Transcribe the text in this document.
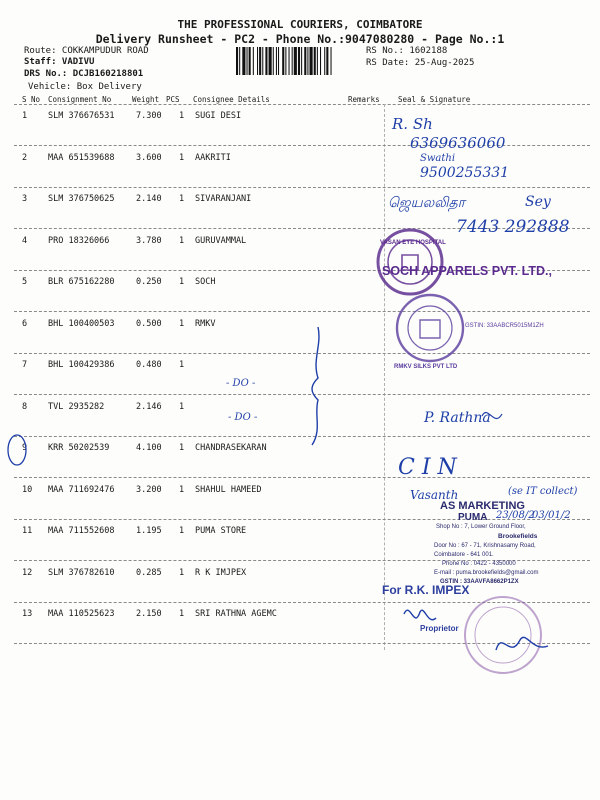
THE PROFESSIONAL COURIERS, COIMBATORE
Delivery Runsheet - PC2 - Phone No.:9047080280 - Page No.:1
Route: COKKAMPUDUR ROAD
Staff: VADIVU
DRS No.: DCJB160218801
Vehicle: Box Delivery
RS No.: 1602188
RS Date: 25-Aug-2025
S No Consignment No	Weight PCS Consignee Details	Remarks Seal & Signature
1 SLM 376676531	7.300 1 SUGI DESI
2 MAA 651539688	3.600 1 AAKRITI
3 SLM 376750625	2.140 1 SIVARANJANI
4 PRO 18326066	3.780 1 GURUVAMMAL
5 BLR 675162280	0.250 1 SOCH
6 BHL 100400503	0.500 1 RMKV
7 BHL 100429386	0.480 1
8 TVL 2935282	2.146 1
9 KRR 50202539	4.100 1 CHANDRASEKARAN
10 MAA 711692476	3.200 1 SHAHUL HAMEED
11 MAA 711552608	1.195 1 PUMA STORE
12 SLM 376782610	0.285 1 R K IMJPEX
13 MAA 110525623	2.150 1 SRI RATHNA AGEMC
R. Sh
6369636060
Swathi
9500255331
ஜெயலலிதா	Sey
7443 292888
SOCH APPARELS PVT. LTD.,
VASAN EYE HOSPITAL
RMKV SILKS PVT LTD
GSTIN: 33AABCR5015M1ZH
- DO -
- DO -	P. Rathna
C I N
Vasanth	(se IT collect)
23/08/2
03/01/2
AS MARKETING
PUMA
Shop No : 7, Lower Ground Floor,
Brookefields
Door No : 67 - 71, Krishnasamy Road,
Coimbatore - 641 001.
Phone No : 0422 - 4350000
E-mail : puma.brookefields@gmail.com
GSTIN : 33AAVFA8662P1ZX
For R.K. IMPEX
Proprietor
